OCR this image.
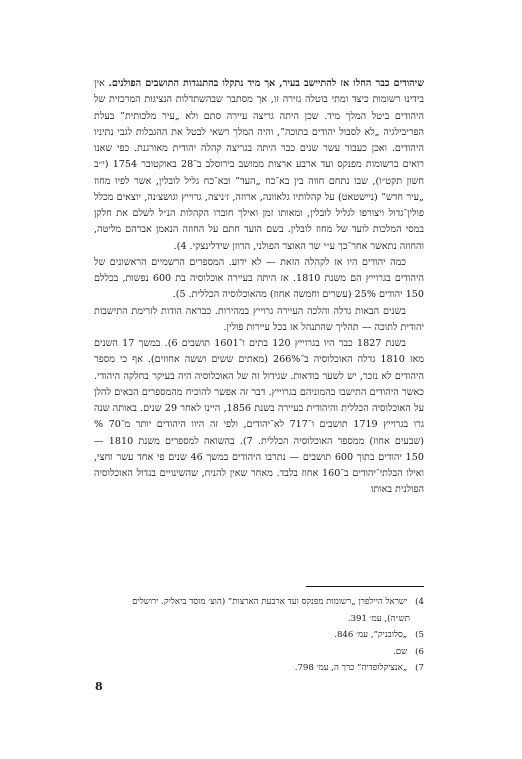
שיהודים כבר החלו אז להתיישב בעיר, אך מיד נתקלו בהתנגדות התושבים הפולנים. אין בידינו רשומות כיצד ומתי בוטלה גזירה זו, אך מסתבר שבהשתדלות הנציגות המרכזית של היהודים ביטל המלך מיד. שכן היתה גריצה עיירה סתם ולא „עיר מלכותית” בעלת הפריבילגיה „לא לסבול יהודים בתוכה”, והיה המלך רשאי לבטל את ההגבלות לגבי נתיניו היהודים. ואכן כעבור עשר שנים כבר היתה בגריצה קהלה יהודית מאורגנת. כפי שאנו רואים ברשומות מפנקס ועד ארבע ארצות ממושב בירוסלב ב־28 באוקטובר 1754 (י״ב חשון תקט״ו), שבו נתחם חווה בין בא־כח „העד” ובא־כח גליל לובלין, אשר לפיו מחוז „עיר חדש” (ניישטאט) על קהלותיו גלאוונה, ארוזה, ז׳ניצה, גרוייץ וגושצ׳נה, יוצאים מכלל פולין־גדול ויצורפו לגליל לובלין, ומאותו זמן ואילך חוברו הקהלות הנ״ל לשלם את חלקן במסי המלכות לועד של מחוז לובלין. בשם הועד חתם על החוזה הנאמן אברהם מליטה, והחוזה נתאשר אחר־כך ע״י שר האוצר הפולני, הרוזן שידלינצקי. 4).

כמה יהודים היו אז לקהלה הזאת — לא ידוע. המספרים הרשמיים הראשונים של היהודים בגרוייץ הם משנת 1810. אז היתה בעיירה אוכלוסיה בת 600 נפשות, בכללם 150 יהודים 25% (עשרים וחמשה אחוז) מהאוכלוסיה הכללית. 5).

בשנים הבאות גדלה והלכה העיירה גרוייץ במהירות. כבראה הודות לזרימת התישבות יהודית לתוכה — תהליך שהתנהל אז בכל עיירות פולין.

בשנת 1827 כבר היו בגרוייץ 120 בתים ו־1601 תושבים 6). במשך 17 השנים מאז 1810 גדלה האוכלוסיה ב־266% (מאתים ששים וששה אחוזים). אף כי מספר היהודים לא נזכר, יש לשער בודאות. שגידול זה של האוכלוסיה היה בעיקר בחלקה היהודי. כאשר היהודים התישבו בהמוניהם בגרוייץ. דבר זה אפשר להוכיח מהמספרים הבאים להלן על האוכלוסיה הכללית והיהודית בעיירה בשנת 1856, היינו לאחר 29 שנים. באותה שנה גרו בגרוייץ 1719 תושבים ו־717 לא־יהודים, ולפי זה היוו היהודים יותר מ־70 % (שבעים אחוז) ממספר האוכלוסיה הכללית. 7). בהשואה למספרים משנת 1810 — 150 יהודים בתוך 600 תושבים — נתרבו היהודים במשך 46 שנים פי אחד עשר וחצי, ואילו הבלתי־יהודים ב־160 אחוז בלבד. מאחר שאין להניח, שהשינויים בגדול האוכלוסיה הפולנית באותו

4) ישראל היילפרן „רשומות מפנקס ועד ארבעת הארצות” (הוצ׳ מוסד ביאליק. ירושלים

תש״ה), עמ׳ 391.

5) „סלובניק”, עמ׳ 846.

6) שם.

7) „אנציקלופדיה” כרך ה, עמ׳ 798.

8
